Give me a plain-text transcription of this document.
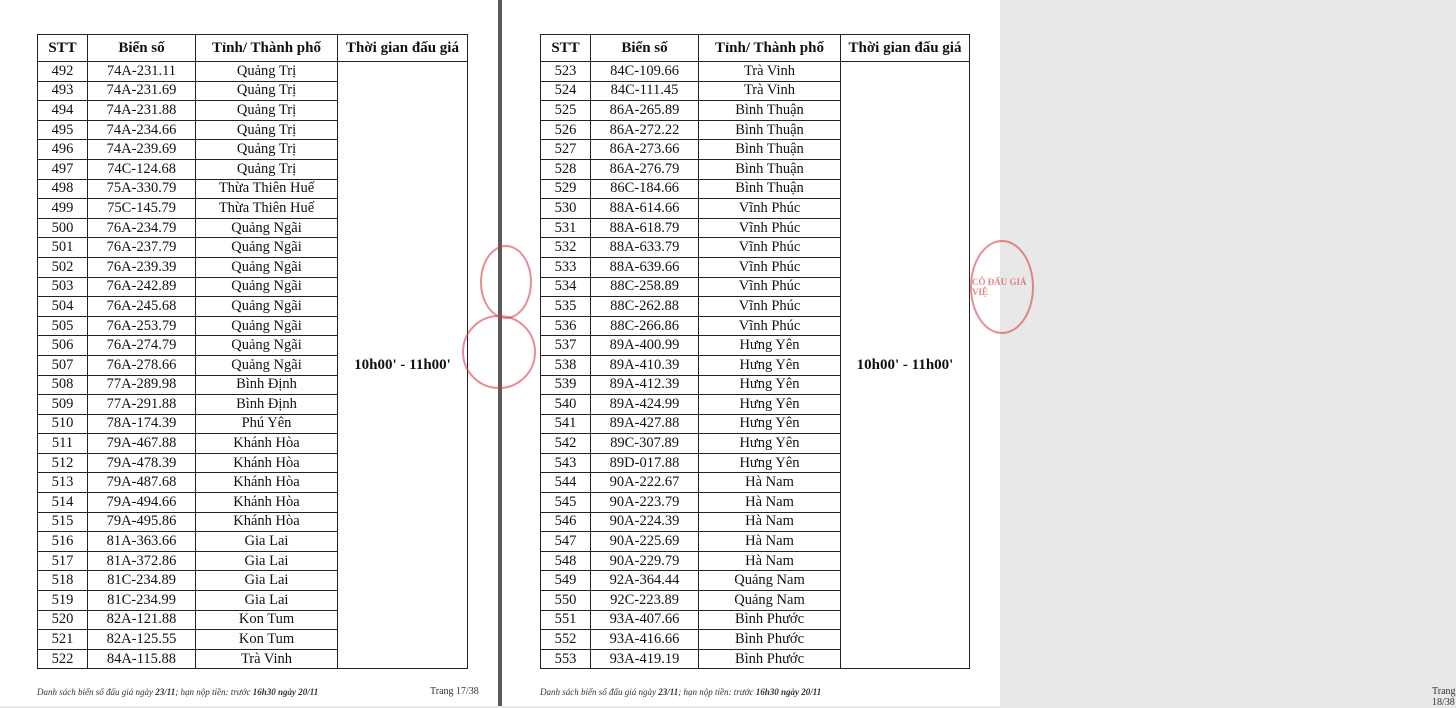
STT	Biển số	Tỉnh/ Thành phố	Thời gian đấu giá
492	74A-231.11	Quảng Trị	10h00' - 11h00'
493	74A-231.69	Quảng Trị	
494	74A-231.88	Quảng Trị	
495	74A-234.66	Quảng Trị	
496	74A-239.69	Quảng Trị	
497	74C-124.68	Quảng Trị	
498	75A-330.79	Thừa Thiên Huế	
499	75C-145.79	Thừa Thiên Huế	
500	76A-234.79	Quảng Ngãi	
501	76A-237.79	Quảng Ngãi	
502	76A-239.39	Quảng Ngãi	
503	76A-242.89	Quảng Ngãi	
504	76A-245.68	Quảng Ngãi	
505	76A-253.79	Quảng Ngãi	
506	76A-274.79	Quảng Ngãi	
507	76A-278.66	Quảng Ngãi	
508	77A-289.98	Bình Định	
509	77A-291.88	Bình Định	
510	78A-174.39	Phú Yên	
511	79A-467.88	Khánh Hòa	
512	79A-478.39	Khánh Hòa	
513	79A-487.68	Khánh Hòa	
514	79A-494.66	Khánh Hòa	
515	79A-495.86	Khánh Hòa	
516	81A-363.66	Gia Lai	
517	81A-372.86	Gia Lai	
518	81C-234.89	Gia Lai	
519	81C-234.99	Gia Lai	
520	82A-121.88	Kon Tum	
521	82A-125.55	Kon Tum	
522	84A-115.88	Trà Vinh	
Danh sách biển số đấu giá ngày 23/11; hạn nộp tiền: trước 16h30 ngày 20/11	Trang 17/38
STT	Biển số	Tỉnh/ Thành phố	Thời gian đấu giá
523	84C-109.66	Trà Vinh	10h00' - 11h00'
524	84C-111.45	Trà Vinh	
525	86A-265.89	Bình Thuận	
526	86A-272.22	Bình Thuận	
527	86A-273.66	Bình Thuận	
528	86A-276.79	Bình Thuận	
529	86C-184.66	Bình Thuận	
530	88A-614.66	Vĩnh Phúc	
531	88A-618.79	Vĩnh Phúc	
532	88A-633.79	Vĩnh Phúc	
533	88A-639.66	Vĩnh Phúc	
534	88C-258.89	Vĩnh Phúc	
535	88C-262.88	Vĩnh Phúc	
536	88C-266.86	Vĩnh Phúc	
537	89A-400.99	Hưng Yên	
538	89A-410.39	Hưng Yên	
539	89A-412.39	Hưng Yên	
540	89A-424.99	Hưng Yên	
541	89A-427.88	Hưng Yên	
542	89C-307.89	Hưng Yên	
543	89D-017.88	Hưng Yên	
544	90A-222.67	Hà Nam	
545	90A-223.79	Hà Nam	
546	90A-224.39	Hà Nam	
547	90A-225.69	Hà Nam	
548	90A-229.79	Hà Nam	
549	92A-364.44	Quảng Nam	
550	92C-223.89	Quảng Nam	
551	93A-407.66	Bình Phước	
552	93A-416.66	Bình Phước	
553	93A-419.19	Bình Phước	
Danh sách biển số đấu giá ngày 23/11; hạn nộp tiền: trước 16h30 ngày 20/11	Trang 18/38
CÔ ĐẤU GIÁ VIỆ
